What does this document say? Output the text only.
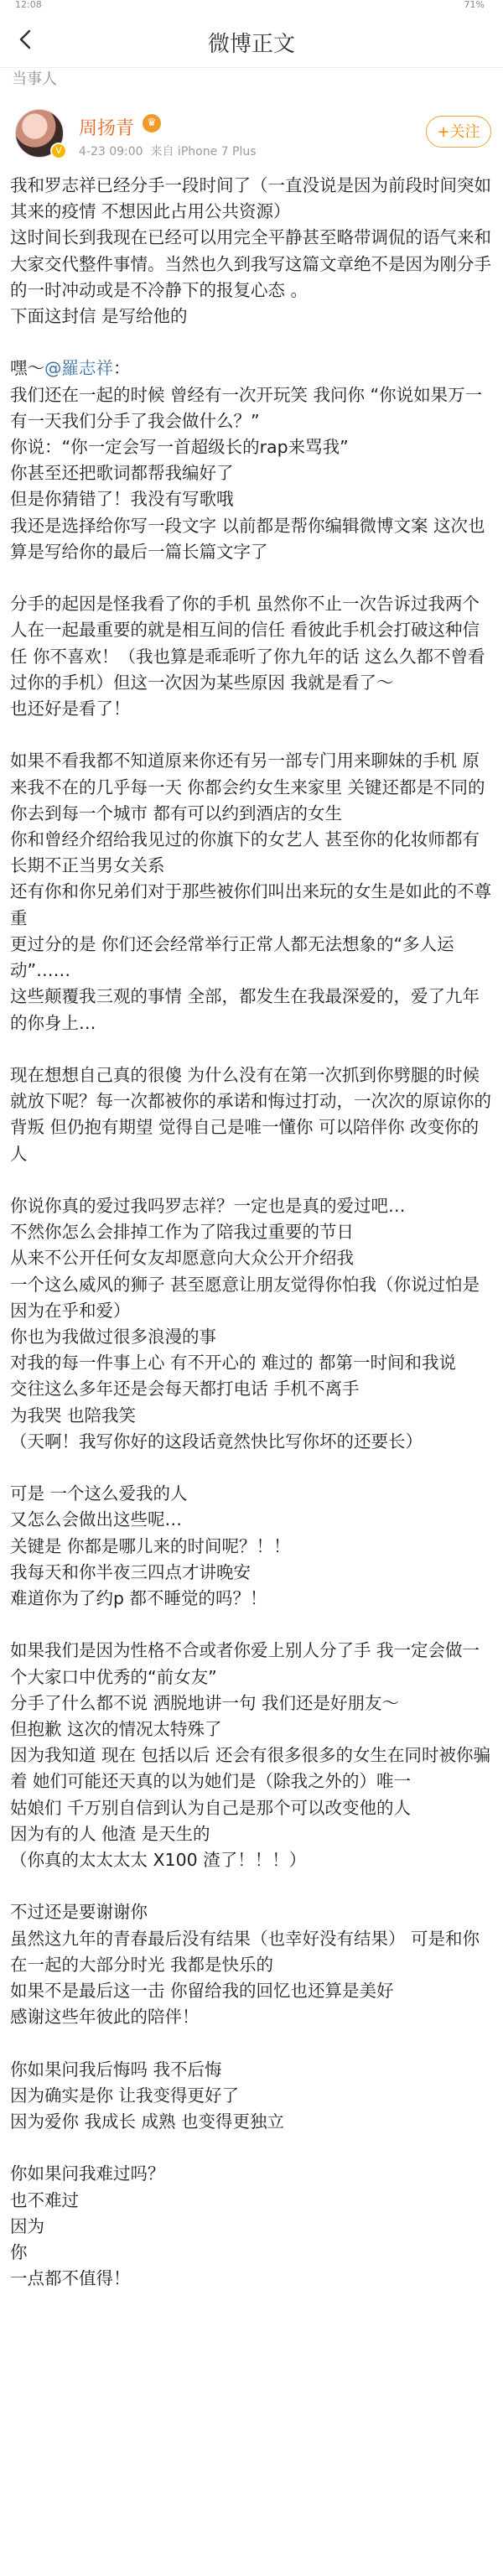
12:08	71%
微博正文
当事人
V
周扬青	♛
4-23 09:00 来自 iPhone 7 Plus
+关注
我和罗志祥已经分手一段时间了（一直没说是因为前段时间突如其来的疫情 不想因此占用公共资源）
这时间长到我现在已经可以用完全平静甚至略带调侃的语气来和大家交代整件事情。当然也久到我写这篇文章绝不是因为刚分手的一时冲动或是不冷静下的报复心态 。
下面这封信 是写给他的

嘿～@羅志祥：
我们还在一起的时候 曾经有一次开玩笑 我问你 “你说如果万一有一天我们分手了我会做什么？”
你说：“你一定会写一首超级长的rap来骂我”
你甚至还把歌词都帮我编好了
但是你猜错了！我没有写歌哦
我还是选择给你写一段文字 以前都是帮你编辑微博文案 这次也算是写给你的最后一篇长篇文字了

分手的起因是怪我看了你的手机 虽然你不止一次告诉过我两个人在一起最重要的就是相互间的信任 看彼此手机会打破这种信任 你不喜欢！（我也算是乖乖听了你九年的话 这么久都不曾看过你的手机）但这一次因为某些原因 我就是看了～
也还好是看了！

如果不看我都不知道原来你还有另一部专门用来聊妹的手机 原来我不在的几乎每一天 你都会约女生来家里 关键还都是不同的
你去到每一个城市 都有可以约到酒店的女生
你和曾经介绍给我见过的你旗下的女艺人 甚至你的化妆师都有长期不正当男女关系
还有你和你兄弟们对于那些被你们叫出来玩的女生是如此的不尊重
更过分的是 你们还会经常举行正常人都无法想象的“多人运动”……
这些颠覆我三观的事情 全部，都发生在我最深爱的，爱了九年的你身上…

现在想想自己真的很傻 为什么没有在第一次抓到你劈腿的时候就放下呢？每一次都被你的承诺和悔过打动，一次次的原谅你的背叛 但仍抱有期望 觉得自己是唯一懂你 可以陪伴你 改变你的人

你说你真的爱过我吗罗志祥？一定也是真的爱过吧…
不然你怎么会排掉工作为了陪我过重要的节日
从来不公开任何女友却愿意向大众公开介绍我
一个这么威风的狮子 甚至愿意让朋友觉得你怕我（你说过怕是因为在乎和爱）
你也为我做过很多浪漫的事
对我的每一件事上心 有不开心的 难过的 都第一时间和我说
交往这么多年还是会每天都打电话 手机不离手
为我哭 也陪我笑
（天啊！我写你好的这段话竟然快比写你坏的还要长）

可是 一个这么爱我的人
又怎么会做出这些呢…
关键是 你都是哪儿来的时间呢？！！
我每天和你半夜三四点才讲晚安
难道你为了约p 都不睡觉的吗？！

如果我们是因为性格不合或者你爱上别人分了手 我一定会做一个大家口中优秀的“前女友”
分手了什么都不说 洒脱地讲一句 我们还是好朋友～
但抱歉 这次的情况太特殊了
因为我知道 现在 包括以后 还会有很多很多的女生在同时被你骗着 她们可能还天真的以为她们是（除我之外的）唯一
姑娘们 千万别自信到认为自己是那个可以改变他的人
因为有的人 他渣 是天生的
（你真的太太太太 X100 渣了！！！）

不过还是要谢谢你
虽然这九年的青春最后没有结果（也幸好没有结果） 可是和你在一起的大部分时光 我都是快乐的
如果不是最后这一击 你留给我的回忆也还算是美好
感谢这些年彼此的陪伴！

你如果问我后悔吗 我不后悔
因为确实是你 让我变得更好了
因为爱你 我成长 成熟 也变得更独立

你如果问我难过吗？
也不难过
因为
你
一点都不值得！
